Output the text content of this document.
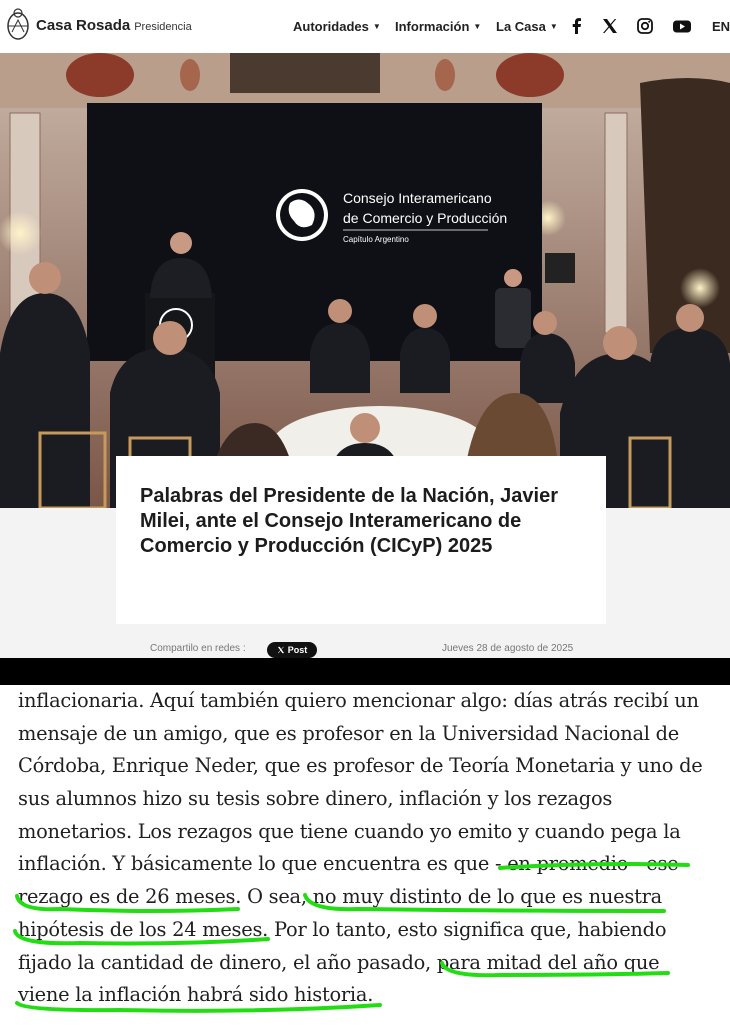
Casa Rosada Presidencia	Autoridades ▼ Información ▼ La Casa ▼	EN
Consejo Interamericano
de Comercio y Producción
Capítulo Argentino
Palabras del Presidente de la Nación, Javier Milei, ante el Consejo Interamericano de Comercio y Producción (CICyP) 2025
Compartilo en redes :	Post	Jueves 28 de agosto de 2025
inflacionaria. Aquí también quiero mencionar algo: días atrás recibí un
mensaje de un amigo, que es profesor en la Universidad Nacional de
Córdoba, Enrique Neder, que es profesor de Teoría Monetaria y uno de
sus alumnos hizo su tesis sobre dinero, inflación y los rezagos
monetarios. Los rezagos que tiene cuando yo emito y cuando pega la
inflación. Y básicamente lo que encuentra es que - en promedio - ese
rezago es de 26 meses. O sea, no muy distinto de lo que es nuestra
hipótesis de los 24 meses. Por lo tanto, esto significa que, habiendo
fijado la cantidad de dinero, el año pasado, para mitad del año que
viene la inflación habrá sido historia.
